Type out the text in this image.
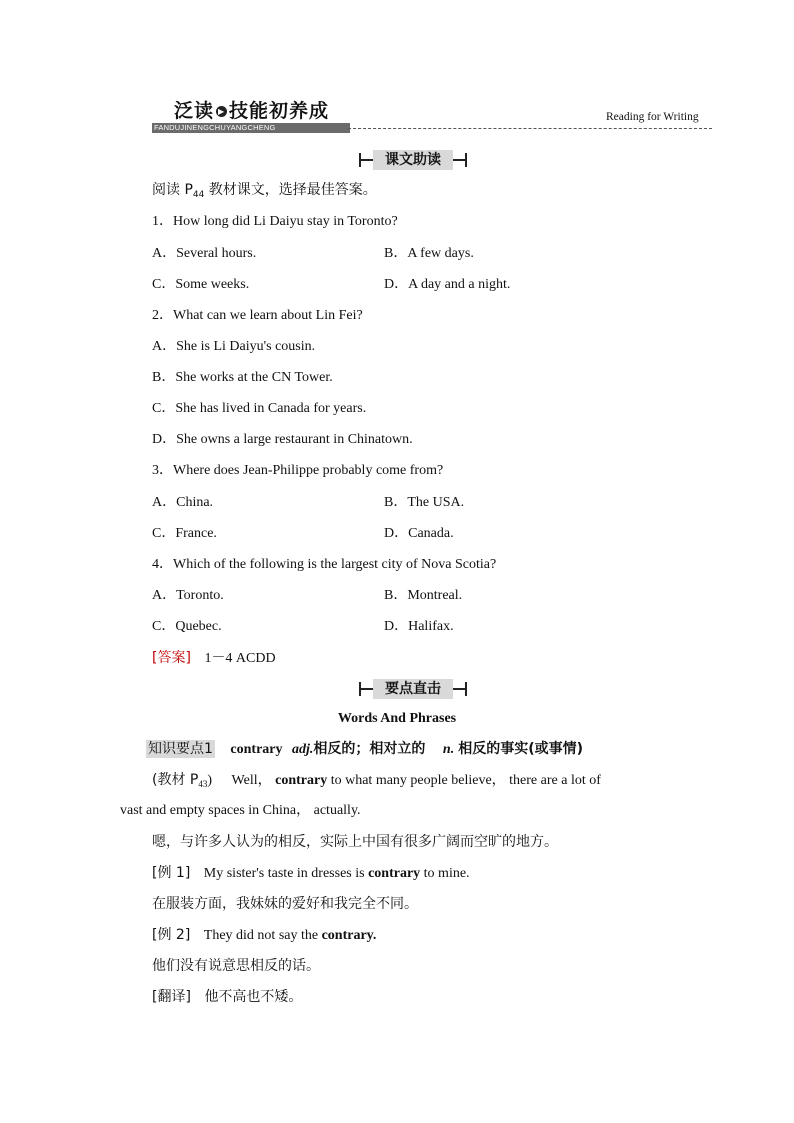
泛读 ▶ 技能初养成
FANDUJINENGCHUYANGCHENG
Reading for Writing
课文助读
阅读 $P_{44}$ 教材课文，选择最佳答案。
1．How long did Li Daiyu stay in Toronto?
A．Several hours.	B．A few days.
C．Some weeks.	D．A day and a night.
2．What can we learn about Lin Fei?
A．She is Li Daiyu's cousin.
B．She works at the CN Tower.
C．She has lived in Canada for years.
D．She owns a large restaurant in Chinatown.
3．Where does Jean-Philippe probably come from?
A．China.	B．The USA.
C．France.	D．Canada.
4．Which of the following is the largest city of Nova Scotia?
A．Toronto.	B．Montreal.
C．Quebec.	D．Halifax.
[答案] 1－4 ACDD
要点直击
Words And Phrases
知识要点1 contrary adj.相反的；相对立的 n. 相反的事实(或事情)
(教材 $P_{43}$) Well， contrary to what many people believe， there are a lot of
vast and empty spaces in China， actually.
嗯，与许多人认为的相反，实际上中国有很多广阔而空旷的地方。
[例 1] My sister's taste in dresses is contrary to mine.
在服装方面，我妹妹的爱好和我完全不同。
[例 2] They did not say the contrary.
他们没有说意思相反的话。
[翻译] 他不高也不矮。
